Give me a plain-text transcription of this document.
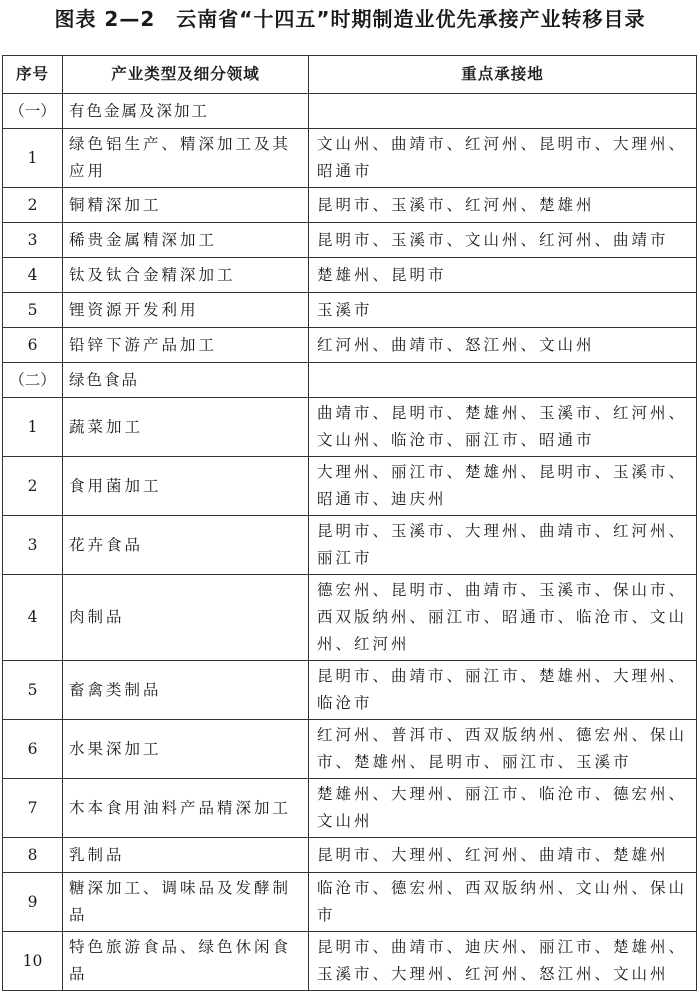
图表 2—2　云南省“十四五”时期制造业优先承接产业转移目录
序号	产业类型及细分领域	重点承接地
（一）	有色金属及深加工	
1	绿色铝生产、精深加工及其应用	文山州、曲靖市、红河州、昆明市、大理州、昭通市
2	铜精深加工	昆明市、玉溪市、红河州、楚雄州
3	稀贵金属精深加工	昆明市、玉溪市、文山州、红河州、曲靖市
4	钛及钛合金精深加工	楚雄州、昆明市
5	锂资源开发利用	玉溪市
6	铅锌下游产品加工	红河州、曲靖市、怒江州、文山州
（二）	绿色食品	
1	蔬菜加工	曲靖市、昆明市、楚雄州、玉溪市、红河州、文山州、临沧市、丽江市、昭通市
2	食用菌加工	大理州、丽江市、楚雄州、昆明市、玉溪市、昭通市、迪庆州
3	花卉食品	昆明市、玉溪市、大理州、曲靖市、红河州、丽江市
4	肉制品	德宏州、昆明市、曲靖市、玉溪市、保山市、西双版纳州、丽江市、昭通市、临沧市、文山州、红河州
5	畜禽类制品	昆明市、曲靖市、丽江市、楚雄州、大理州、临沧市
6	水果深加工	红河州、普洱市、西双版纳州、德宏州、保山市、楚雄州、昆明市、丽江市、玉溪市
7	木本食用油料产品精深加工	楚雄州、大理州、丽江市、临沧市、德宏州、文山州
8	乳制品	昆明市、大理州、红河州、曲靖市、楚雄州
9	糖深加工、调味品及发酵制品	临沧市、德宏州、西双版纳州、文山州、保山市
10	特色旅游食品、绿色休闲食品	昆明市、曲靖市、迪庆州、丽江市、楚雄州、玉溪市、大理州、红河州、怒江州、文山州
